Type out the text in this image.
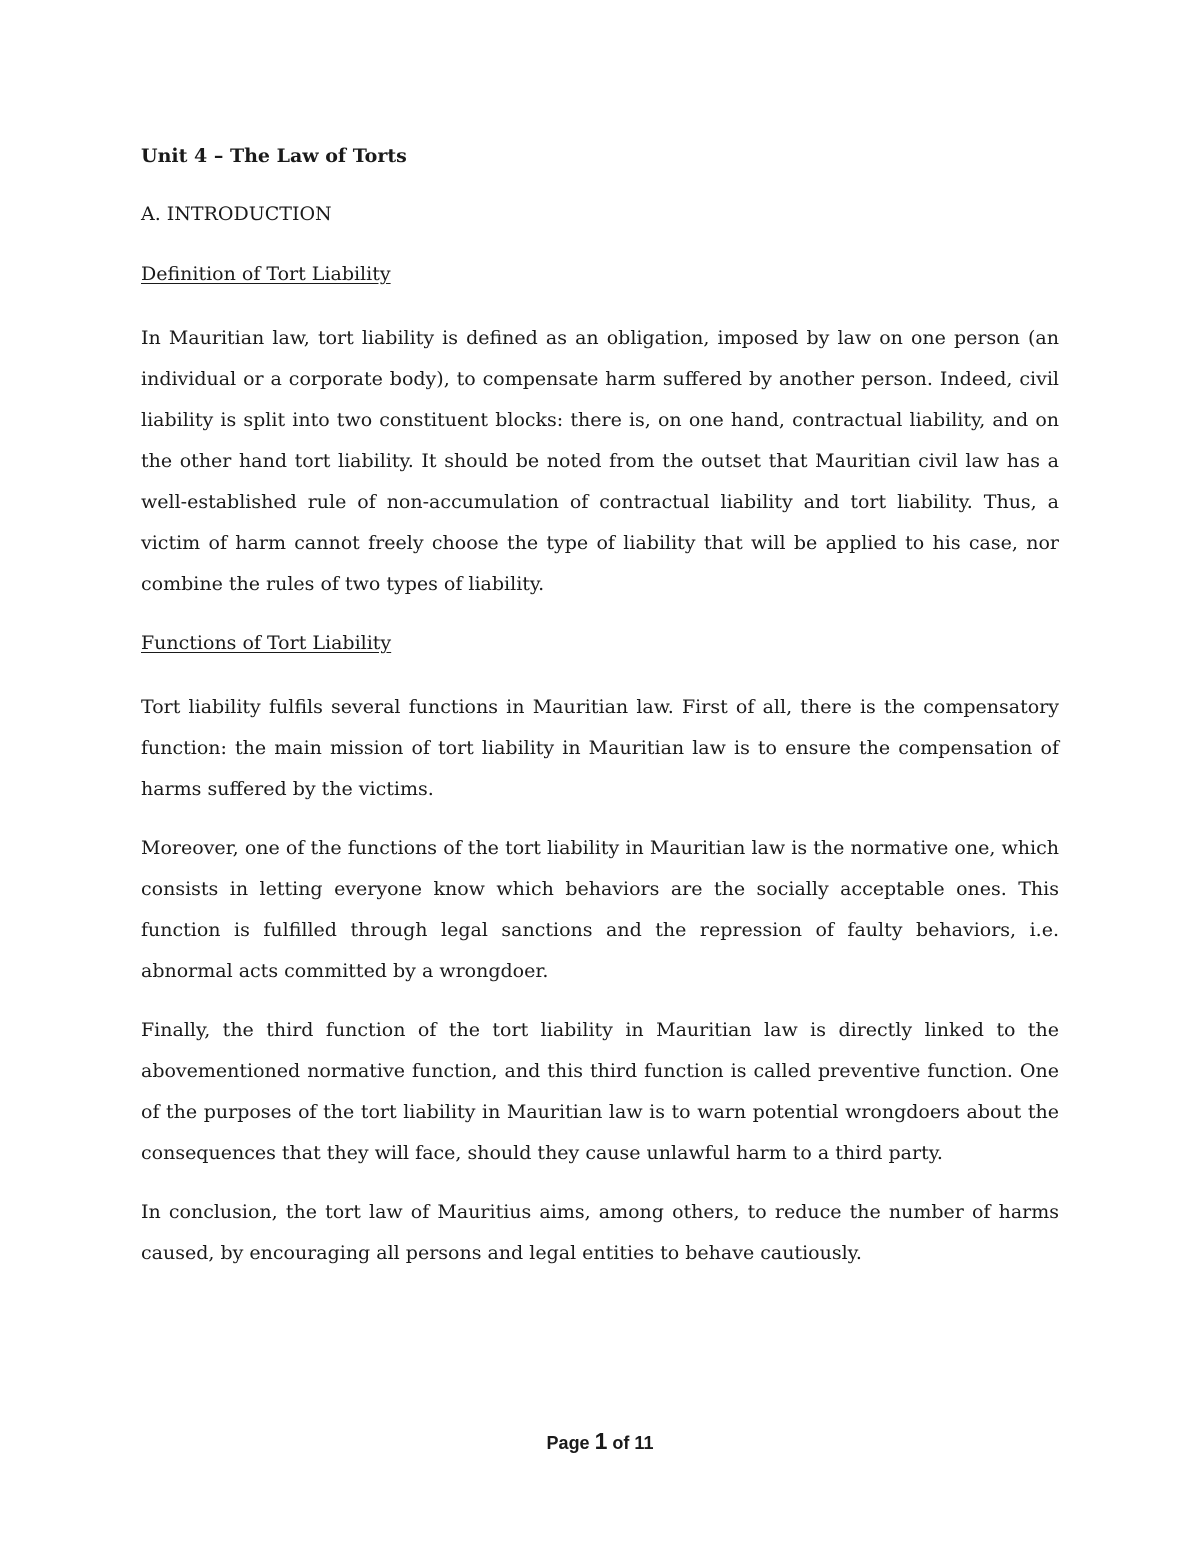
Unit 4 – The Law of Torts
A. INTRODUCTION
Definition of Tort Liability

In Mauritian law, tort liability is defined as an obligation, imposed by law on one person (an individual or a corporate body), to compensate harm suffered by another person. Indeed, civil liability is split into two constituent blocks: there is, on one hand, contractual liability, and on the other hand tort liability. It should be noted from the outset that Mauritian civil law has a well-established rule of non-accumulation of contractual liability and tort liability. Thus, a victim of harm cannot freely choose the type of liability that will be applied to his case, nor combine the rules of two types of liability.

Functions of Tort Liability

Tort liability fulfils several functions in Mauritian law. First of all, there is the compensatory function: the main mission of tort liability in Mauritian law is to ensure the compensation of harms suffered by the victims.

Moreover, one of the functions of the tort liability in Mauritian law is the normative one, which consists in letting everyone know which behaviors are the socially acceptable ones. This function is fulfilled through legal sanctions and the repression of faulty behaviors, i.e. abnormal acts committed by a wrongdoer.

Finally, the third function of the tort liability in Mauritian law is directly linked to the abovementioned normative function, and this third function is called preventive function. One of the purposes of the tort liability in Mauritian law is to warn potential wrongdoers about the consequences that they will face, should they cause unlawful harm to a third party.

In conclusion, the tort law of Mauritius aims, among others, to reduce the number of harms caused, by encouraging all persons and legal entities to behave cautiously.

Page 1 of 11
